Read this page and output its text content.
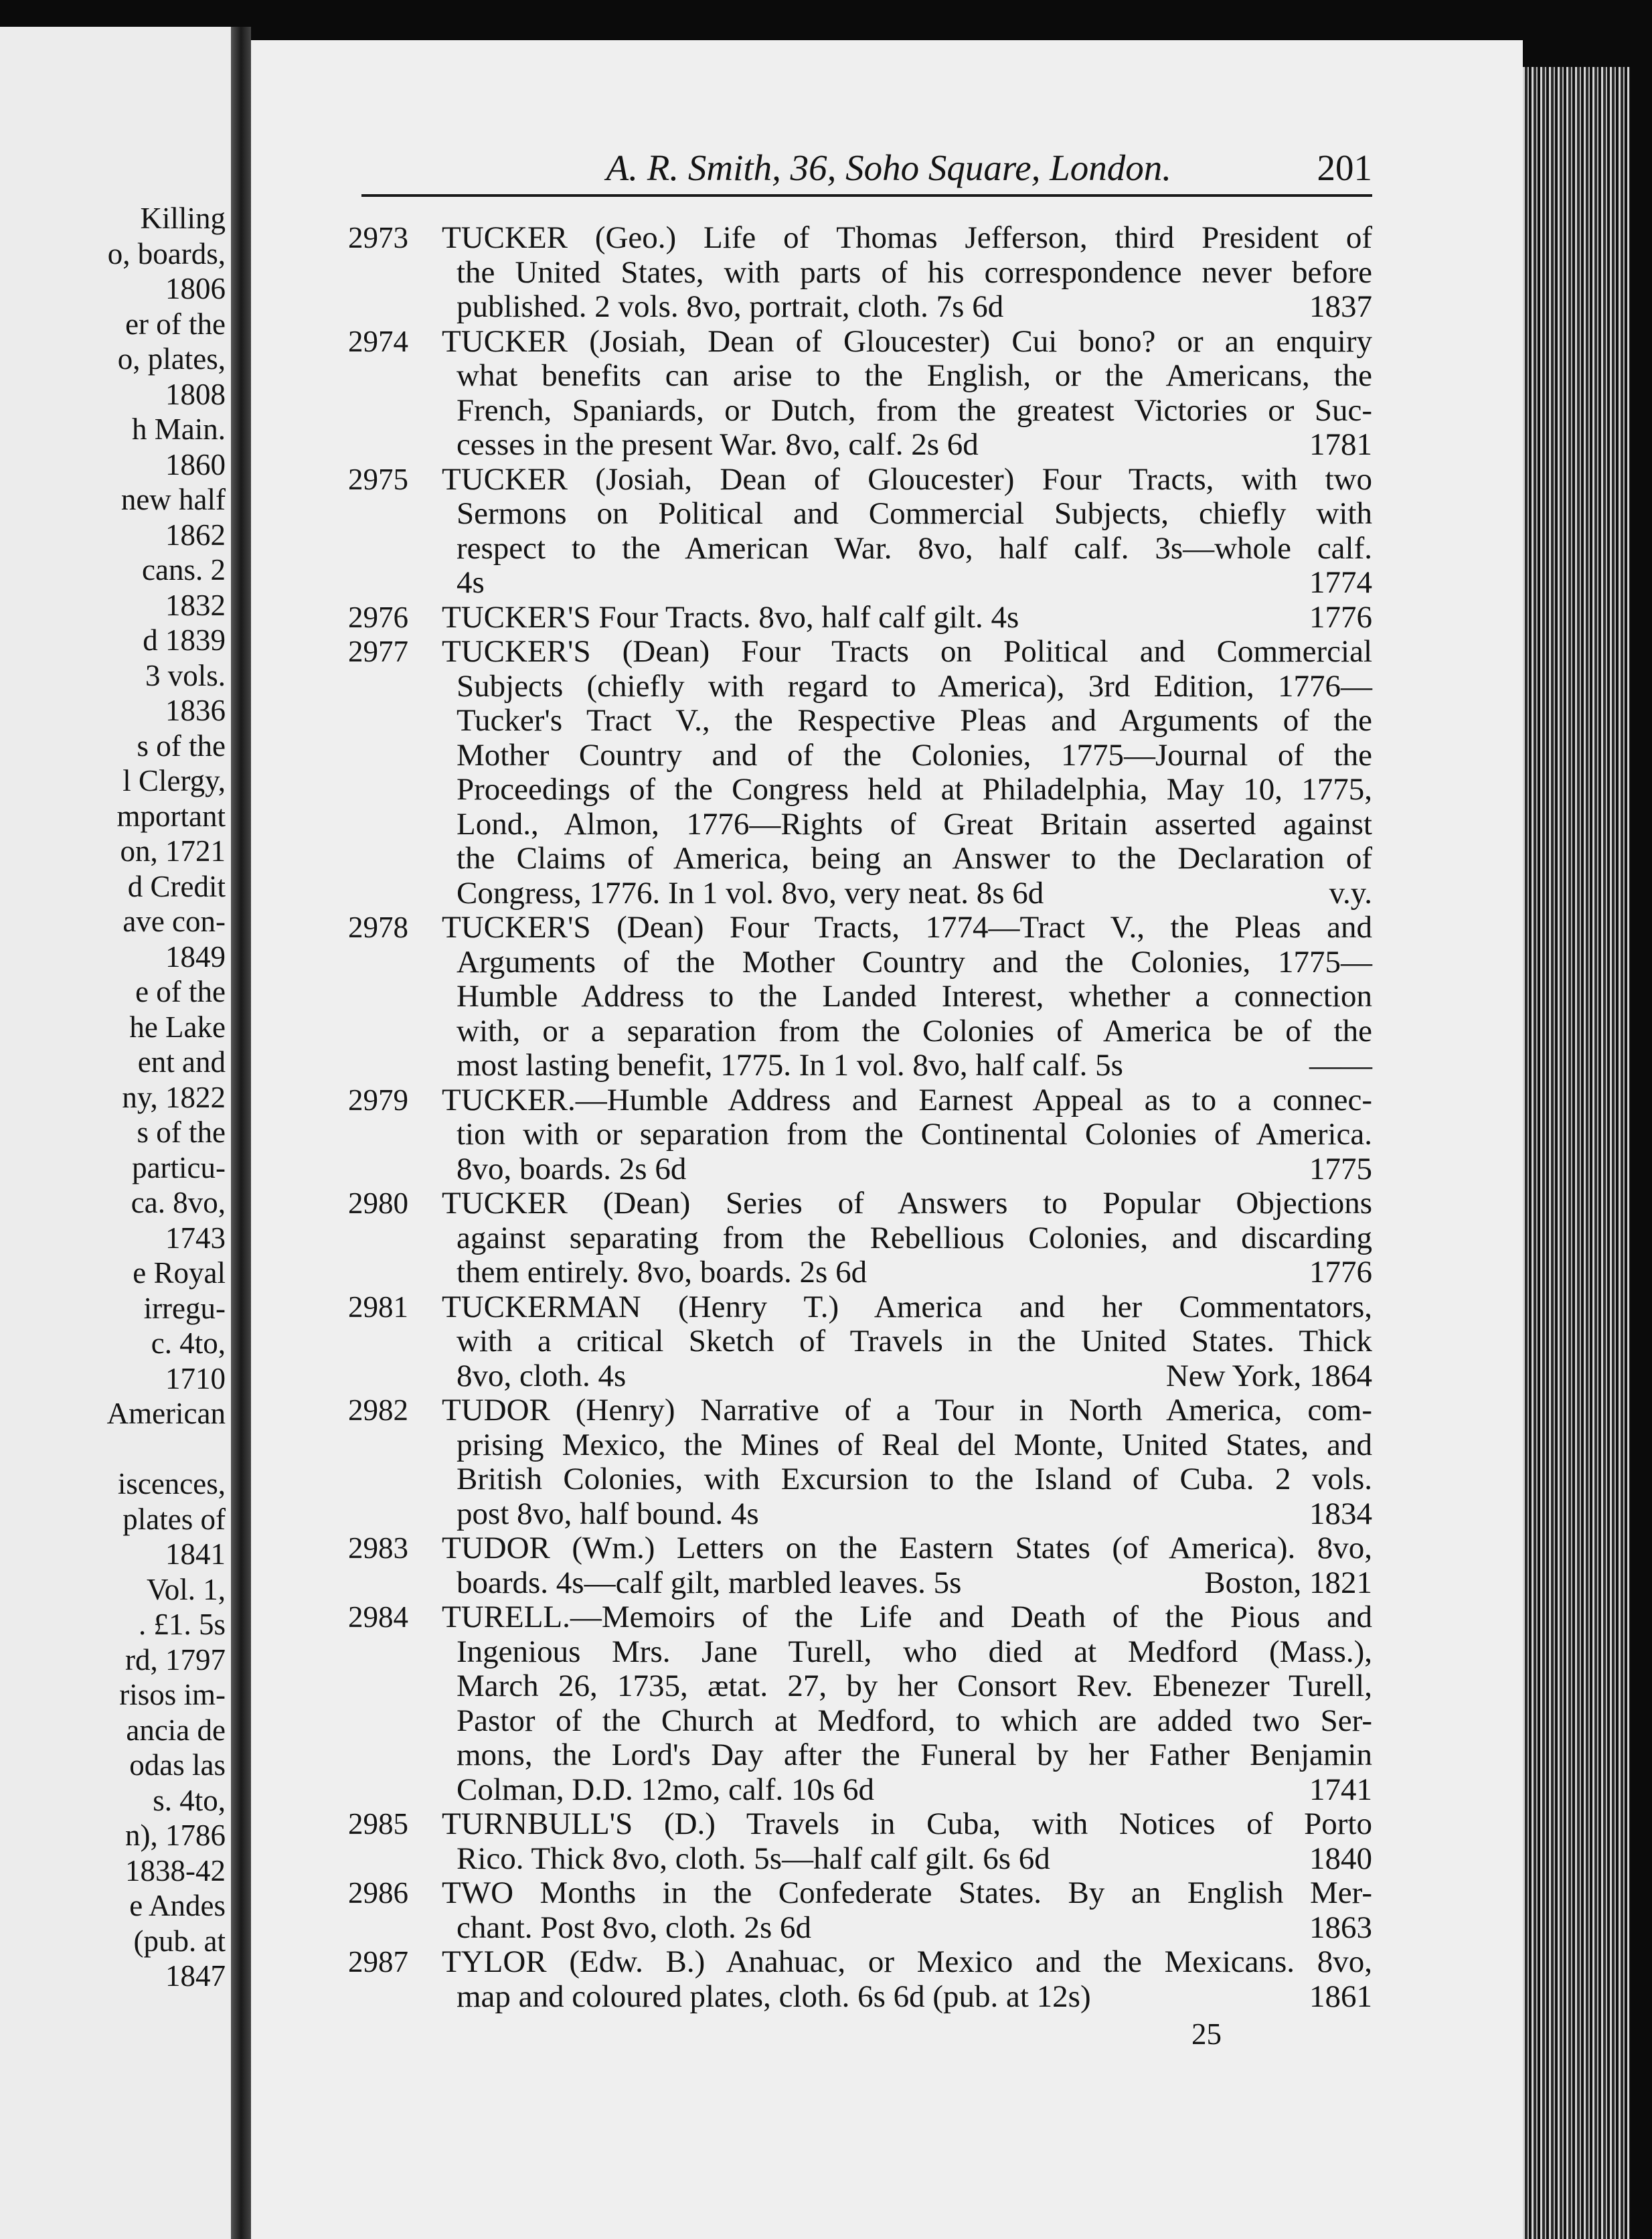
Killing
o, boards,
1806
er of the
o, plates,
1808
h Main.
1860
new half
1862
cans. 2
1832
d 1839
3 vols.
1836
s of the
l Clergy,
mportant
on, 1721
d Credit
ave con-
1849
e of the
he Lake
ent and
ny, 1822
s of the
particu-
ca. 8vo,
1743
e Royal
irregu-
c. 4to,
1710
American
iscences,
plates of
1841
Vol. 1,
. £1. 5s
rd, 1797
risos im-
ancia de
odas las
s. 4to,
n), 1786
1838-42
e Andes
(pub. at
1847
A. R. Smith, 36, Soho Square, London.	201
2973	TUCKER (Geo.) Life of Thomas Jefferson, third President of

the United States, with parts of his correspondence never before

published. 2 vols. 8vo, portrait, cloth. 7s 6d	1837
2974	TUCKER (Josiah, Dean of Gloucester) Cui bono? or an enquiry

what benefits can arise to the English, or the Americans, the

French, Spaniards, or Dutch, from the greatest Victories or Suc-

cesses in the present War. 8vo, calf. 2s 6d	1781
2975	TUCKER (Josiah, Dean of Gloucester) Four Tracts, with two

Sermons on Political and Commercial Subjects, chiefly with

respect to the American War. 8vo, half calf. 3s—whole calf.

4s	1774
2976	TUCKER'S Four Tracts. 8vo, half calf gilt. 4s	1776
2977	TUCKER'S (Dean) Four Tracts on Political and Commercial

Subjects (chiefly with regard to America), 3rd Edition, 1776—

Tucker's Tract V., the Respective Pleas and Arguments of the

Mother Country and of the Colonies, 1775—Journal of the

Proceedings of the Congress held at Philadelphia, May 10, 1775,

Lond., Almon, 1776—Rights of Great Britain asserted against

the Claims of America, being an Answer to the Declaration of

Congress, 1776. In 1 vol. 8vo, very neat. 8s 6d	v.y.
2978	TUCKER'S (Dean) Four Tracts, 1774—Tract V., the Pleas and

Arguments of the Mother Country and the Colonies, 1775—

Humble Address to the Landed Interest, whether a connection

with, or a separation from the Colonies of America be of the

most lasting benefit, 1775. In 1 vol. 8vo, half calf. 5s	——
2979	TUCKER.—Humble Address and Earnest Appeal as to a connec-

tion with or separation from the Continental Colonies of America.

8vo, boards. 2s 6d	1775
2980	TUCKER (Dean) Series of Answers to Popular Objections

against separating from the Rebellious Colonies, and discarding

them entirely. 8vo, boards. 2s 6d	1776
2981	TUCKERMAN (Henry T.) America and her Commentators,

with a critical Sketch of Travels in the United States. Thick

8vo, cloth. 4s	New York, 1864
2982	TUDOR (Henry) Narrative of a Tour in North America, com-

prising Mexico, the Mines of Real del Monte, United States, and

British Colonies, with Excursion to the Island of Cuba. 2 vols.

post 8vo, half bound. 4s	1834
2983	TUDOR (Wm.) Letters on the Eastern States (of America). 8vo,

boards. 4s—calf gilt, marbled leaves. 5s	Boston, 1821
2984	TURELL.—Memoirs of the Life and Death of the Pious and

Ingenious Mrs. Jane Turell, who died at Medford (Mass.),

March 26, 1735, ætat. 27, by her Consort Rev. Ebenezer Turell,

Pastor of the Church at Medford, to which are added two Ser-

mons, the Lord's Day after the Funeral by her Father Benjamin

Colman, D.D. 12mo, calf. 10s 6d	1741
2985	TURNBULL'S (D.) Travels in Cuba, with Notices of Porto

Rico. Thick 8vo, cloth. 5s—half calf gilt. 6s 6d	1840
2986	TWO Months in the Confederate States. By an English Mer-

chant. Post 8vo, cloth. 2s 6d	1863
2987	TYLOR (Edw. B.) Anahuac, or Mexico and the Mexicans. 8vo,

map and coloured plates, cloth. 6s 6d (pub. at 12s)	1861
25
